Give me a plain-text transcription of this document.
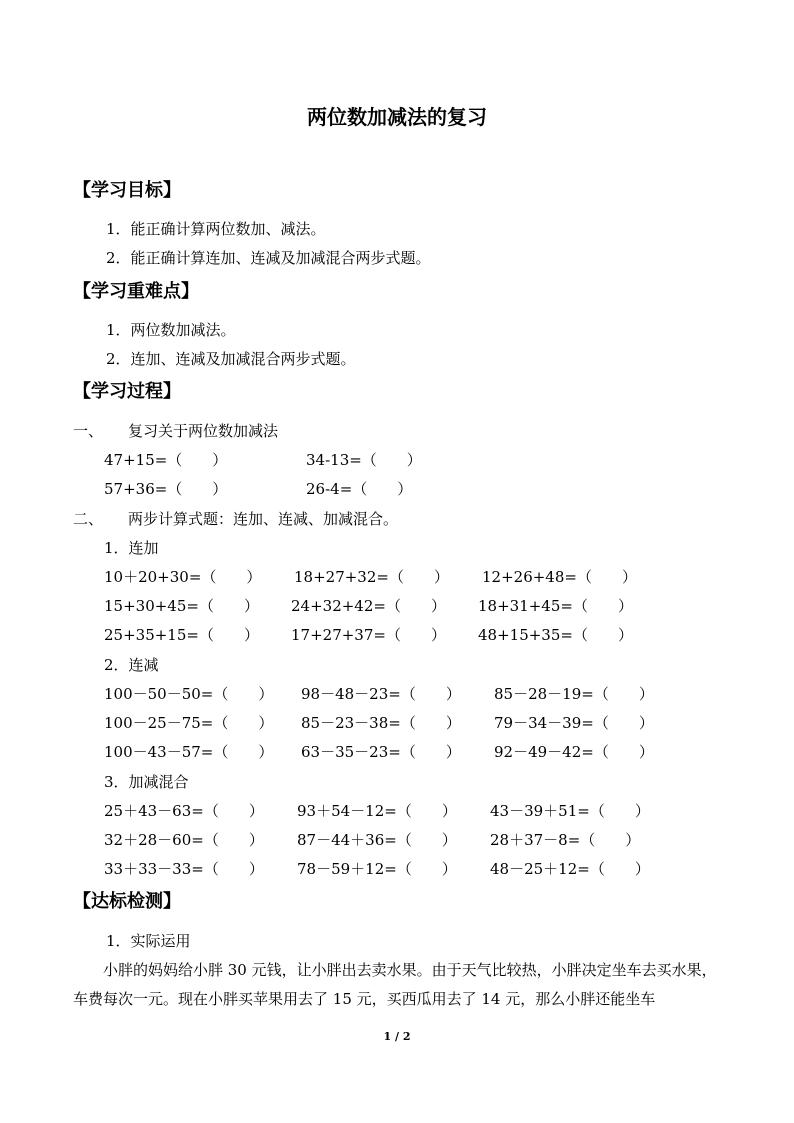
两位数加减法的复习
【学习目标】
1．能正确计算两位数加、减法。
2．能正确计算连加、连减及加减混合两步式题。
【学习重难点】
1．两位数加减法。
2．连加、连减及加减混合两步式题。
【学习过程】
一、 复习关于两位数加减法
47+15=（　　）	34-13=（　　）
57+36=（　　）	26-4=（　　）
二、 两步计算式题：连加、连减、加减混合。
1．连加
10＋20+30=（　　） 18+27+32=（　　） 12+26+48=（　　）
15+30+45=（　　） 24+32+42=（　　） 18+31+45=（　　）
25+35+15=（　　） 17+27+37=（　　） 48+15+35=（　　）
2．连减
100－50－50=（　　） 98－48－23=（　　） 85－28－19=（　　）
100－25－75=（　　） 85－23－38=（　　） 79－34－39=（　　）
100－43－57=（　　） 63－35－23=（　　） 92－49－42=（　　）
3．加减混合
25＋43－63=（　　） 93＋54－12=（　　） 43－39＋51=（　　）
32＋28－60=（　　） 87－44＋36=（　　） 28＋37－8=（　　）
33＋33－33=（　　） 78－59＋12=（　　） 48－25＋12=（　　）
【达标检测】
1．实际运用
小胖的妈妈给小胖 30 元钱，让小胖出去卖水果。由于天气比较热，小胖决定坐车去买水果，车费每次一元。现在小胖买苹果用去了 15 元，买西瓜用去了 14 元，那么小胖还能坐车
1 / 2
